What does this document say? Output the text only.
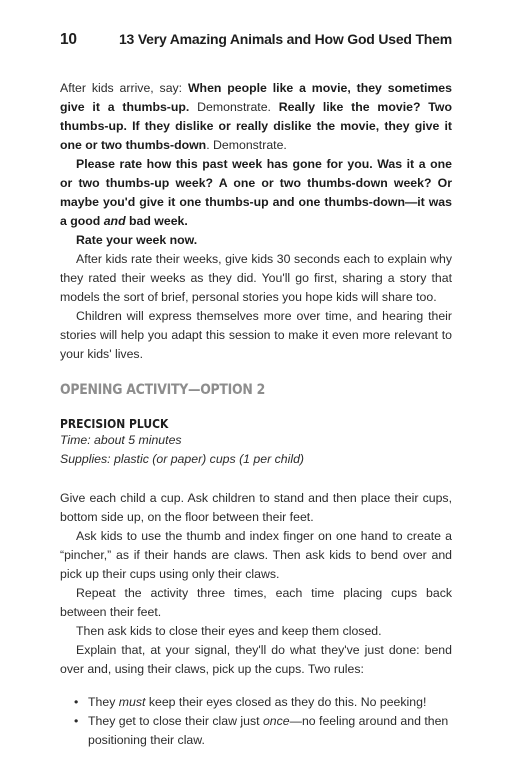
10	13 Very Amazing Animals and How God Used Them

After kids arrive, say: When people like a movie, they sometimes give it a thumbs-up. Demonstrate. Really like the movie? Two thumbs-up. If they dislike or really dislike the movie, they give it one or two thumbs-down. Demonstrate.

Please rate how this past week has gone for you. Was it a one or two thumbs-up week? A one or two thumbs-down week? Or maybe you'd give it one thumbs-up and one thumbs-down—it was a good and bad week.

Rate your week now.

After kids rate their weeks, give kids 30 seconds each to explain why they rated their weeks as they did. You'll go first, sharing a story that models the sort of brief, personal stories you hope kids will share too.

Children will express themselves more over time, and hearing their stories will help you adapt this session to make it even more relevant to your kids' lives.

OPENING ACTIVITY—OPTION 2
PRECISION PLUCK
Time: about 5 minutes
Supplies: plastic (or paper) cups (1 per child)

Give each child a cup. Ask children to stand and then place their cups, bottom side up, on the floor between their feet.

Ask kids to use the thumb and index finger on one hand to create a “pincher,” as if their hands are claws. Then ask kids to bend over and pick up their cups using only their claws.

Repeat the activity three times, each time placing cups back between their feet.

Then ask kids to close their eyes and keep them closed.

Explain that, at your signal, they'll do what they've just done: bend over and, using their claws, pick up the cups. Two rules:

• They must keep their eyes closed as they do this. No peeking!
• They get to close their claw just once—no feeling around and then positioning their claw.
